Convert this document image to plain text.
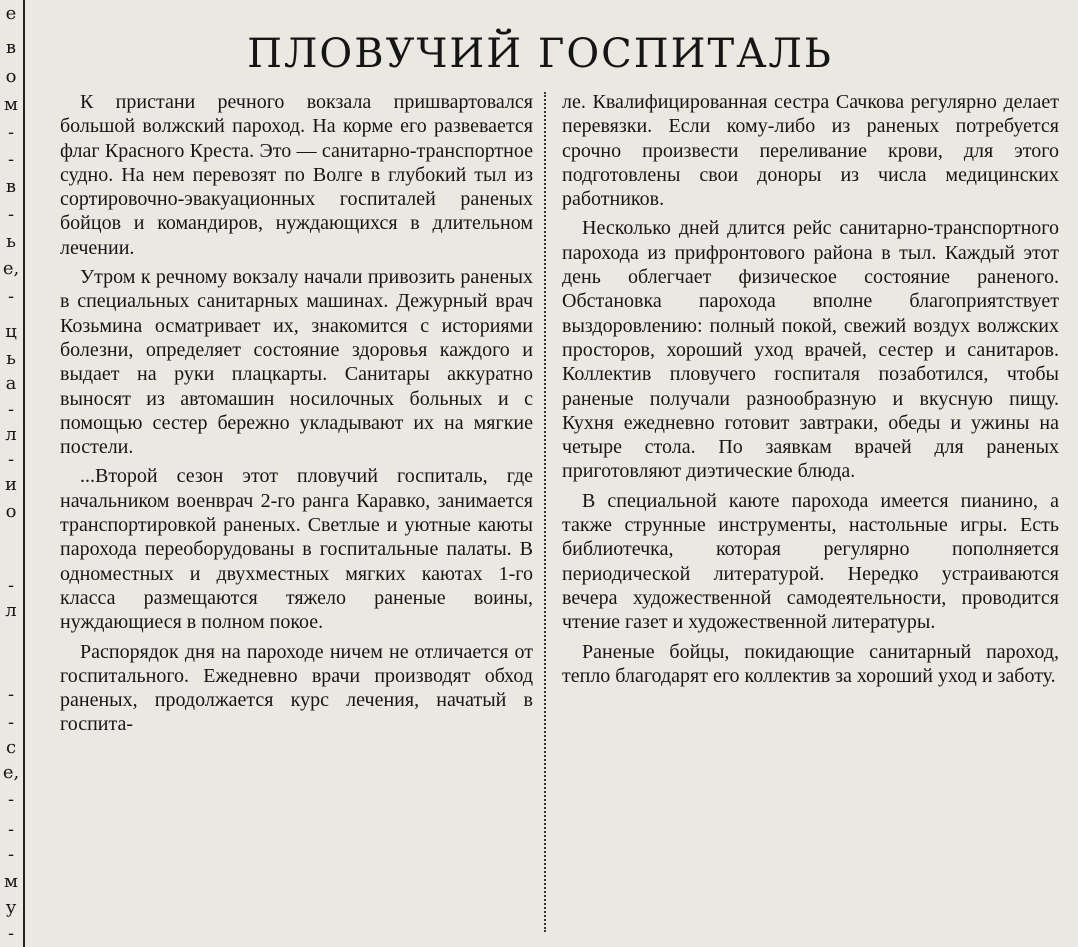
е
в
о
м
-
-
в
-
ь
е,
-
ц
ь
а
-
л
-
и
о
-
л
-
-
с
е,
-
-
-
м
у
-
ПЛОВУЧИЙ ГОСПИТАЛЬ

К пристани речного вокзала пришвартовался большой волжский пароход. На корме его развевается флаг Красного Креста. Это — санитарно-транспортное судно. На нем перевозят по Волге в глубокий тыл из сортировочно-эвакуационных госпиталей раненых бойцов и командиров, нуждающихся в длительном лечении.

Утром к речному вокзалу начали привозить раненых в специальных санитарных машинах. Дежурный врач Козьмина осматривает их, знакомится с историями болезни, определяет состояние здоровья каждого и выдает на руки плацкарты. Санитары аккуратно выносят из автомашин носилочных больных и с помощью сестер бережно укладывают их на мягкие постели.

...Второй сезон этот пловучий госпиталь, где начальником военврач 2-го ранга Каравко, занимается транспортировкой раненых. Светлые и уютные каюты парохода переоборудованы в госпитальные палаты. В одноместных и двухместных мягких каютах 1-го класса размещаются тяжело раненые воины, нуждающиеся в полном покое.

Распорядок дня на пароходе ничем не отличается от госпитального. Ежедневно врачи производят обход раненых, продолжается курс лечения, начатый в госпита-

ле. Квалифицированная сестра Сачкова регулярно делает перевязки. Если кому-либо из раненых потребуется срочно произвести переливание крови, для этого подготовлены свои доноры из числа медицинских работников.

Несколько дней длится рейс санитарно-транспортного парохода из прифронтового района в тыл. Каждый этот день облегчает физическое состояние раненого. Обстановка парохода вполне благоприятствует выздоровлению: полный покой, свежий воздух волжских просторов, хороший уход врачей, сестер и санитаров. Коллектив пловучего госпиталя позаботился, чтобы раненые получали разнообразную и вкусную пищу. Кухня ежедневно готовит завтраки, обеды и ужины на четыре стола. По заявкам врачей для раненых приготовляют диэтические блюда.

В специальной каюте парохода имеется пианино, а также струнные инструменты, настольные игры. Есть библиотечка, которая регулярно пополняется периодической литературой. Нередко устраиваются вечера художественной самодеятельности, проводится чтение газет и художественной литературы.

Раненые бойцы, покидающие санитарный пароход, тепло благодарят его коллектив за хороший уход и заботу.
